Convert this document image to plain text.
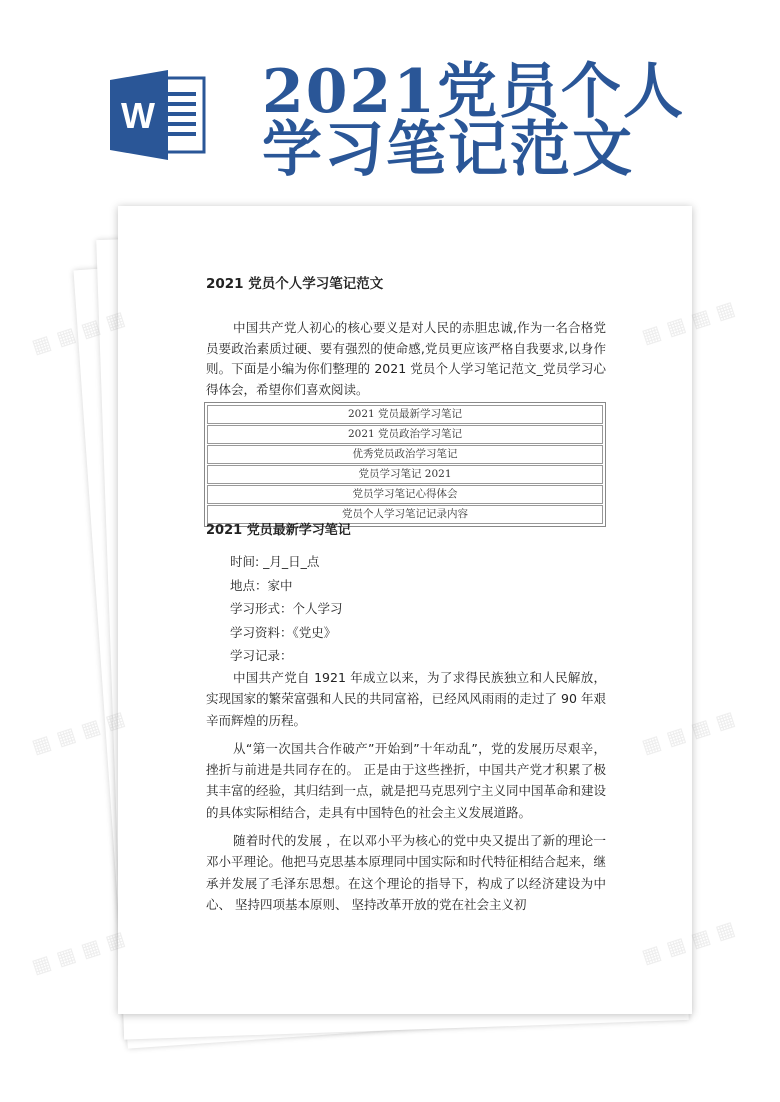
W 2021党员个人
学习笔记范文
2021 党员个人学习笔记范文
中国共产党人初心的核心要义是对人民的赤胆忠诚,作为一名合格党员要政治素质过硬、要有强烈的使命感,党员更应该严格自我要求,以身作则。下面是小编为你们整理的 2021 党员个人学习笔记范文_党员学习心得体会，希望你们喜欢阅读。
2021 党员最新学习笔记
2021 党员政治学习笔记
优秀党员政治学习笔记
党员学习笔记 2021
党员学习笔记心得体会
党员个人学习笔记记录内容
2021 党员最新学习笔记
时间: _月_日_点
地点：家中
学习形式：个人学习
学习资料：《党史》
学习记录：

中国共产党自 1921 年成立以来，为了求得民族独立和人民解放，实现国家的繁荣富强和人民的共同富裕，已经风风雨雨的走过了 90 年艰辛而辉煌的历程。

从“第一次国共合作破产”开始到”十年动乱”，党的发展历尽艰辛，挫折与前进是共同存在的。 正是由于这些挫折，中国共产党才积累了极其丰富的经验，其归结到一点，就是把马克思列宁主义同中国革命和建设的具体实际相结合，走具有中国特色的社会主义发展道路。

随着时代的发展 ，在以邓小平为核心的党中央又提出了新的理论一邓小平理论。他把马克思基本原理同中国实际和时代特征相结合起来，继承并发展了毛泽东思想。在这个理论的指导下，构成了以经济建设为中心、 坚持四项基本原则、 坚持改革开放的党在社会主义初

▦ ▦
▦ ▦
▦ ▦ ▦ ▦	▦ ▦
▦ ▦ ▦ ▦	▦ ▦
